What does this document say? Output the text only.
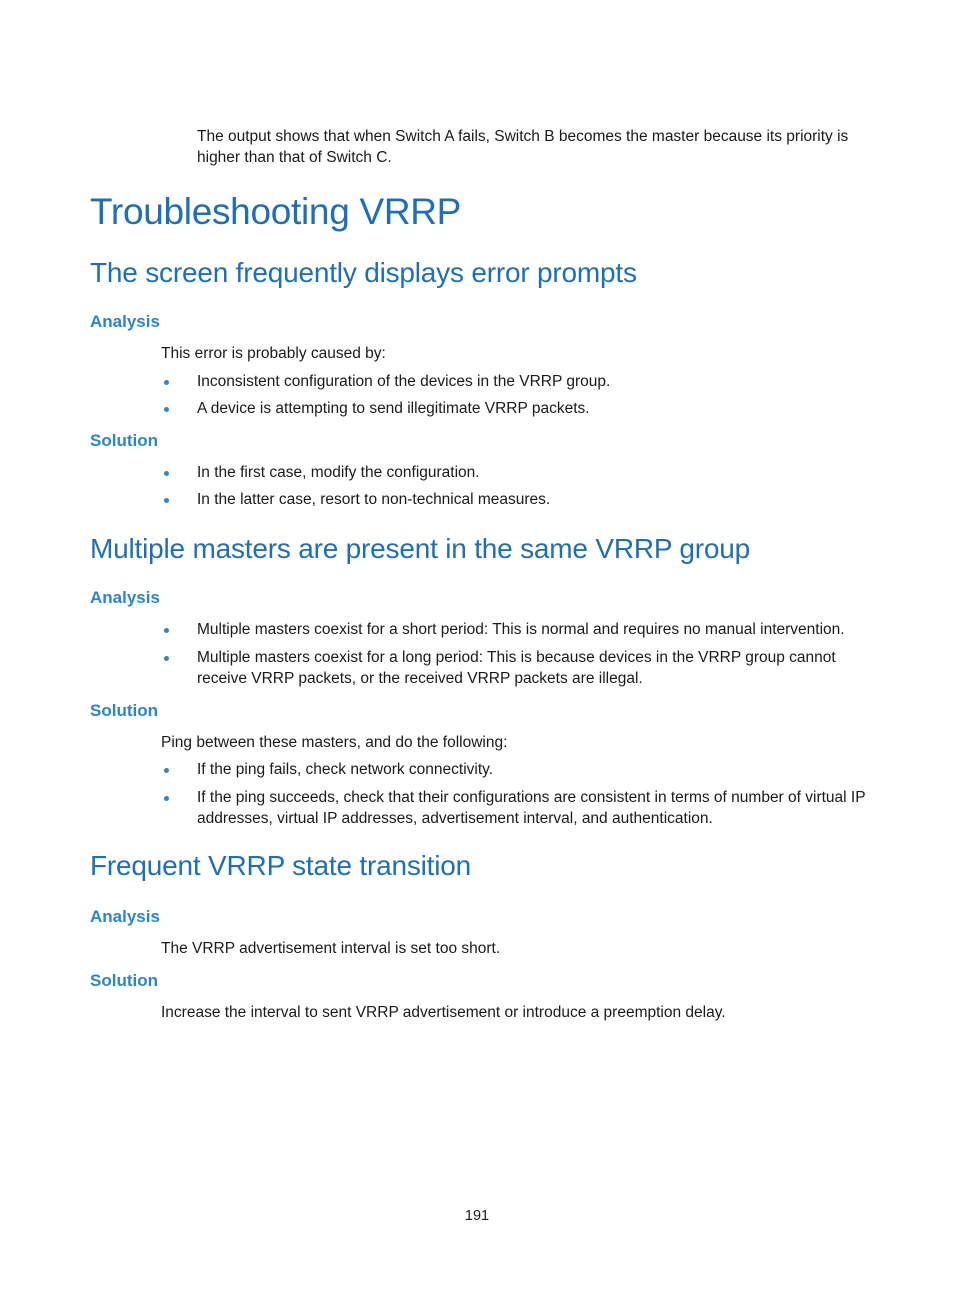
The output shows that when Switch A fails, Switch B becomes the master because its priority is higher than that of Switch C.
Troubleshooting VRRP
The screen frequently displays error prompts
Analysis
This error is probably caused by:
Inconsistent configuration of the devices in the VRRP group.
A device is attempting to send illegitimate VRRP packets.
Solution
In the first case, modify the configuration.
In the latter case, resort to non-technical measures.
Multiple masters are present in the same VRRP group
Analysis
Multiple masters coexist for a short period: This is normal and requires no manual intervention.
Multiple masters coexist for a long period: This is because devices in the VRRP group cannot receive VRRP packets, or the received VRRP packets are illegal.
Solution
Ping between these masters, and do the following:
If the ping fails, check network connectivity.
If the ping succeeds, check that their configurations are consistent in terms of number of virtual IP addresses, virtual IP addresses, advertisement interval, and authentication.
Frequent VRRP state transition
Analysis
The VRRP advertisement interval is set too short.
Solution
Increase the interval to sent VRRP advertisement or introduce a preemption delay.
191
